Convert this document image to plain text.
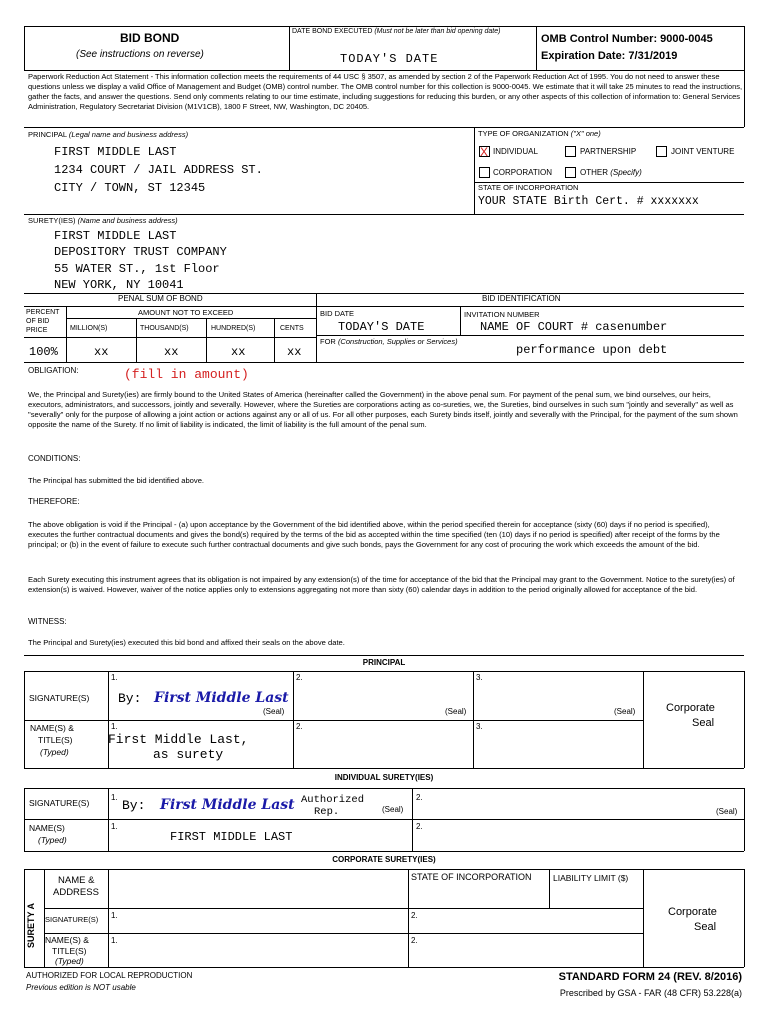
BID BOND
(See instructions on reverse)
DATE BOND EXECUTED (Must not be later than bid opening date)
TODAY'S DATE
OMB Control Number: 9000-0045
Expiration Date: 7/31/2019
Paperwork Reduction Act Statement - This information collection meets the requirements of 44 USC § 3507, as amended by section 2 of the Paperwork Reduction Act of 1995. You do not need to answer these questions unless we display a valid Office of Management and Budget (OMB) control number. The OMB control number for this collection is 9000-0045. We estimate that it will take 25 minutes to read the instructions, gather the facts, and answer the questions. Send only comments relating to our time estimate, including suggestions for reducing this burden, or any other aspects of this collection of information to: General Services Administration, Regulatory Secretariat Division (M1V1CB), 1800 F Street, NW, Washington, DC 20405.
PRINCIPAL (Legal name and business address)
FIRST MIDDLE LAST
1234 COURT / JAIL ADDRESS ST.
CITY / TOWN, ST 12345
TYPE OF ORGANIZATION ("X" one)
X INDIVIDUAL	PARTNERSHIP	JOINT VENTURE
CORPORATION	OTHER (Specify)
STATE OF INCORPORATION
YOUR STATE Birth Cert. # xxxxxxx
SURETY(IES) (Name and business address)
FIRST MIDDLE LAST
DEPOSITORY TRUST COMPANY
55 WATER ST., 1st Floor
NEW YORK, NY 10041
PENAL SUM OF BOND	BID IDENTIFICATION
PERCENT
OF BID
PRICE
AMOUNT NOT TO EXCEED
MILLION(S)	THOUSAND(S)	HUNDRED(S)	CENTS
100%	xx	xx	xx	xx
BID DATE
TODAY'S DATE
INVITATION NUMBER
NAME OF COURT # casenumber
FOR (Construction, Supplies or Services)
performance upon debt
OBLIGATION:	(fill in amount)
We, the Principal and Surety(ies) are firmly bound to the United States of America (hereinafter called the Government) in the above penal sum. For payment of the penal sum, we bind ourselves, our heirs, executors, administrators, and successors, jointly and severally. However, where the Sureties are corporations acting as co-sureties, we, the Sureties, bind ourselves in such sum "jointly and severally" as well as "severally" only for the purpose of allowing a joint action or actions against any or all of us. For all other purposes, each Surety binds itself, jointly and severally with the Principal, for the payment of the sum shown opposite the name of the Surety. If no limit of liability is indicated, the limit of liability is the full amount of the penal sum.
CONDITIONS:
The Principal has submitted the bid identified above.
THEREFORE:
The above obligation is void if the Principal - (a) upon acceptance by the Government of the bid identified above, within the period specified therein for acceptance (sixty (60) days if no period is specified), executes the further contractual documents and gives the bond(s) required by the terms of the bid as accepted within the time specified (ten (10) days if no period is specified) after receipt of the forms by the principal; or (b) in the event of failure to execute such further contractual documents and give such bonds, pays the Government for any cost of procuring the work which exceeds the amount of the bid.
Each Surety executing this instrument agrees that its obligation is not impaired by any extension(s) of the time for acceptance of the bid that the Principal may grant to the Government. Notice to the surety(ies) of extension(s) is waived. However, waiver of the notice applies only to extensions aggregating not more than sixty (60) calendar days in addition to the period originally allowed for acceptance of the bid.
WITNESS:
The Principal and Surety(ies) executed this bid bond and affixed their seals on the above date.
PRINCIPAL
SIGNATURE(S)
1.	2.	3.
By: First Middle Last
(Seal)	(Seal)	(Seal)
NAME(S) &
TITLE(S)
(Typed)
1.	2.	3.
First Middle Last,
as surety
Corporate
Seal
INDIVIDUAL SURETY(IES)
SIGNATURE(S)
1.
By: First Middle Last Authorized
Rep.	(Seal)
2.
(Seal)
NAME(S)
(Typed)
1.
FIRST MIDDLE LAST
2.
CORPORATE SURETY(IES)
SURETY A
NAME &
ADDRESS
STATE OF INCORPORATION	LIABILITY LIMIT ($)
SIGNATURE(S) 1.	2.
NAME(S) &
TITLE(S)
(Typed)
1.	2.
Corporate
Seal
AUTHORIZED FOR LOCAL REPRODUCTION
Previous edition is NOT usable
STANDARD FORM 24 (REV. 8/2016)
Prescribed by GSA - FAR (48 CFR) 53.228(a)
